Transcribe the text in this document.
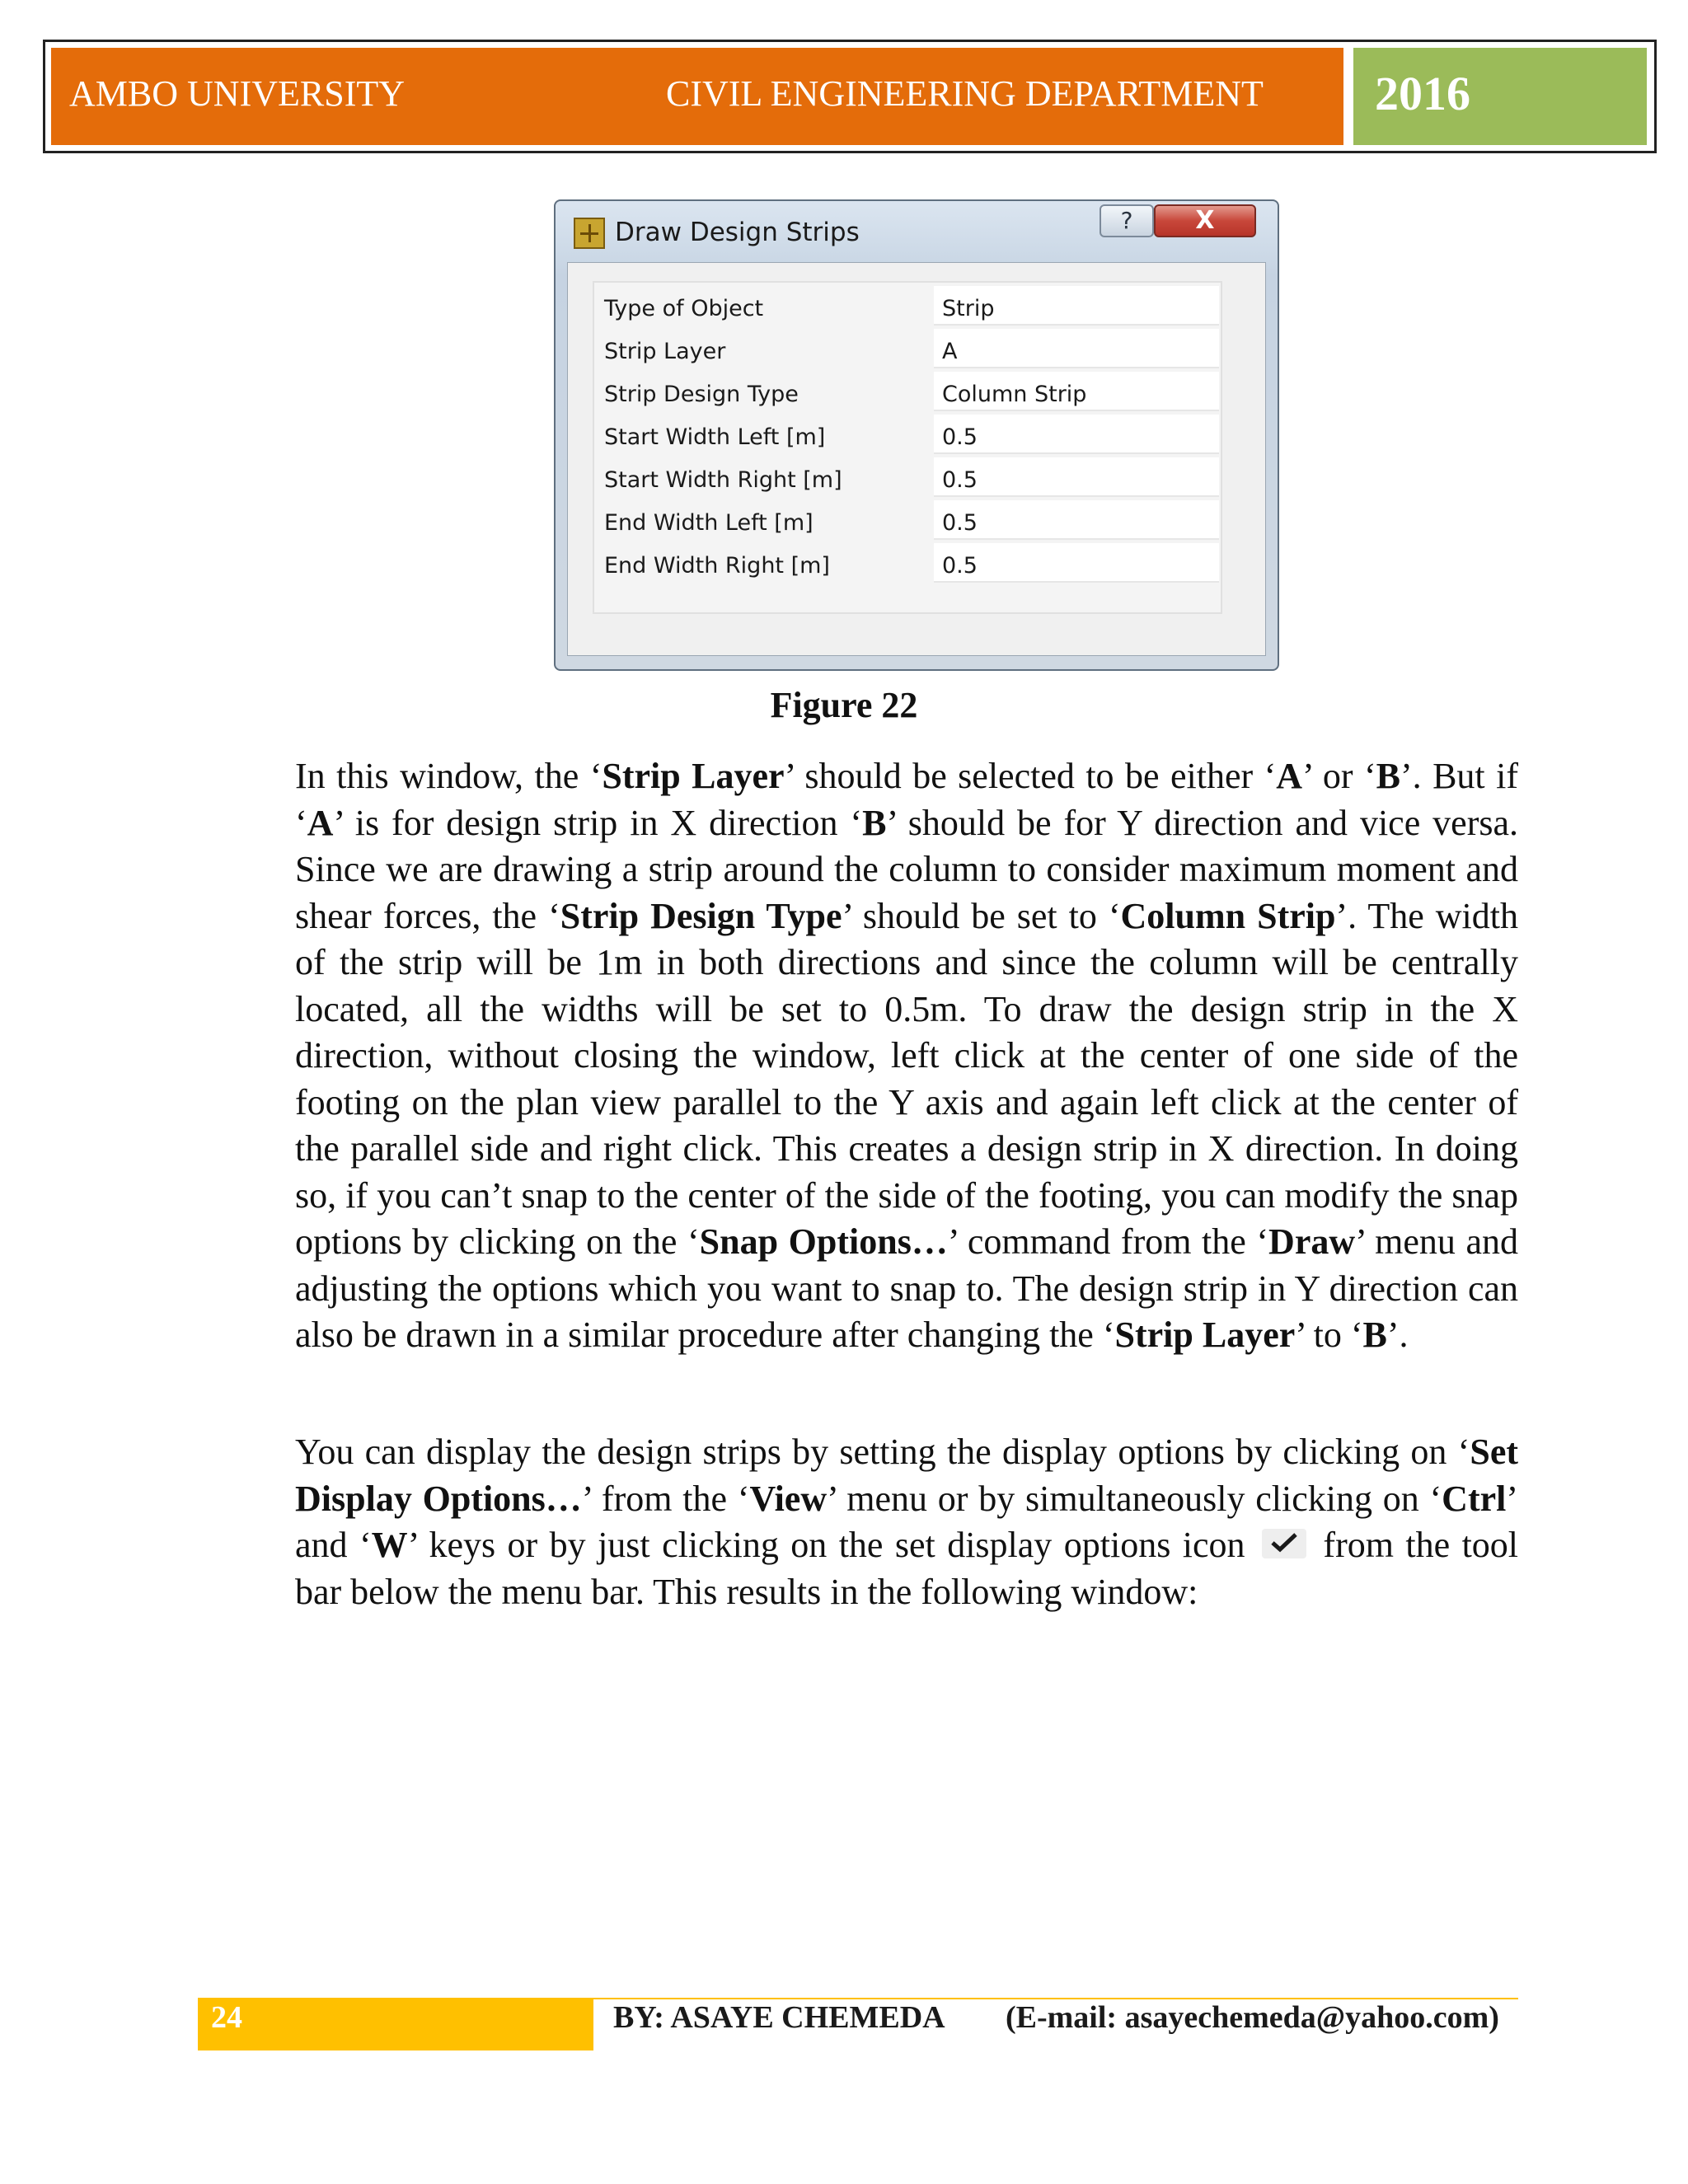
AMBO UNIVERSITY	CIVIL ENGINEERING DEPARTMENT 2016
Draw Design Strips	?	X
Type of Object	Strip
Strip Layer	A
Strip Design Type	Column Strip
Start Width Left [m]	0.5
Start Width Right [m]	0.5
End Width Left [m]	0.5
End Width Right [m]	0.5
Figure 22

In this window, the ‘Strip Layer’ should be selected to be either ‘A’ or ‘B’. But if ‘A’ is for design strip in X direction ‘B’ should be for Y direction and vice versa. Since we are drawing a strip around the column to consider maximum moment and shear forces, the ‘Strip Design Type’ should be set to ‘Column Strip’. The width of the strip will be 1m in both directions and since the column will be centrally located, all the widths will be set to 0.5m. To draw the design strip in the X direction, without closing the window, left click at the center of one side of the footing on the plan view parallel to the Y axis and again left click at the center of the parallel side and right click. This creates a design strip in X direction. In doing so, if you can’t snap to the center of the side of the footing, you can modify the snap options by clicking on the ‘Snap Options…’ command from the ‘Draw’ menu and adjusting the options which you want to snap to. The design strip in Y direction can also be drawn in a similar procedure after changing the ‘Strip Layer’ to ‘B’.

You can display the design strips by setting the display options by clicking on ‘Set Display Options…’ from the ‘View’ menu or by simultaneously clicking on ‘Ctrl’ and ‘W’ keys or by just clicking on the set display options icon from the tool bar below the menu bar. This results in the following window:

24	BY: ASAYE CHEMEDA (E-mail: asayechemeda@yahoo.com)
